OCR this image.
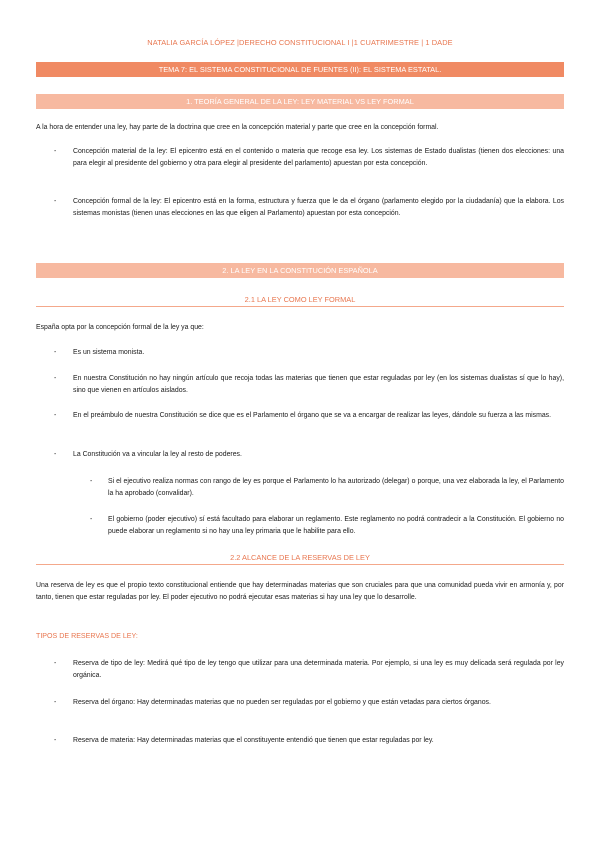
NATALIA GARCÍA LÓPEZ |DERECHO CONSTITUCIONAL I |1 CUATRIMESTRE | 1 DADE
TEMA 7: EL SISTEMA CONSTITUCIONAL DE FUENTES (II): EL SISTEMA ESTATAL.
1. TEORÍA GENERAL DE LA LEY: LEY MATERIAL VS LEY FORMAL
A la hora de entender una ley, hay parte de la doctrina que cree en la concepción material y parte que cree en la concepción formal.
- Concepción material de la ley: El epicentro está en el contenido o materia que recoge esa ley. Los sistemas de Estado dualistas (tienen dos elecciones: una para elegir al presidente del gobierno y otra para elegir al presidente del parlamento) apuestan por esta concepción.
- Concepción formal de la ley: El epicentro está en la forma, estructura y fuerza que le da el órgano (parlamento elegido por la ciudadanía) que la elabora. Los sistemas monistas (tienen unas elecciones en las que eligen al Parlamento) apuestan por esta concepción.
2. LA LEY EN LA CONSTITUCIÓN ESPAÑOLA
2.1 LA LEY COMO LEY FORMAL
España opta por la concepción formal de la ley ya que:
- Es un sistema monista.
- En nuestra Constitución no hay ningún artículo que recoja todas las materias que tienen que estar reguladas por ley (en los sistemas dualistas sí que lo hay), sino que vienen en artículos aislados.
- En el preámbulo de nuestra Constitución se dice que es el Parlamento el órgano que se va a encargar de realizar las leyes, dándole su fuerza a las mismas.
- La Constitución va a vincular la ley al resto de poderes.
- Si el ejecutivo realiza normas con rango de ley es porque el Parlamento lo ha autorizado (delegar) o porque, una vez elaborada la ley, el Parlamento la ha aprobado (convalidar).
- El gobierno (poder ejecutivo) sí está facultado para elaborar un reglamento. Este reglamento no podrá contradecir a la Constitución. El gobierno no puede elaborar un reglamento si no hay una ley primaria que le habilite para ello.
2.2 ALCANCE DE LA RESERVAS DE LEY
Una reserva de ley es que el propio texto constitucional entiende que hay determinadas materias que son cruciales para que una comunidad pueda vivir en armonía y, por tanto, tienen que estar reguladas por ley. El poder ejecutivo no podrá ejecutar esas materias si hay una ley que lo desarrolle.
TIPOS DE RESERVAS DE LEY:
- Reserva de tipo de ley: Medirá qué tipo de ley tengo que utilizar para una determinada materia. Por ejemplo, si una ley es muy delicada será regulada por ley orgánica.
- Reserva del órgano: Hay determinadas materias que no pueden ser reguladas por el gobierno y que están vetadas para ciertos órganos.
- Reserva de materia: Hay determinadas materias que el constituyente entendió que tienen que estar reguladas por ley.
